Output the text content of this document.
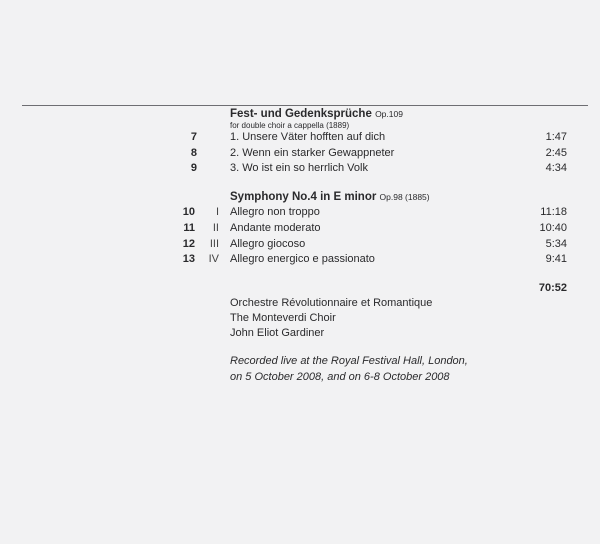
Fest- und Gedenksprüche Op.109
for double choir a cappella (1889)
7	1. Unsere Väter hofften auf dich	1:47
8	2. Wenn ein starker Gewappneter	2:45
9	3. Wo ist ein so herrlich Volk	4:34
Symphony No.4 in E minor Op.98 (1885)
10	I Allegro non troppo	11:18
11	II Andante moderato	10:40
12	III Allegro giocoso	5:34
13	IV Allegro energico e passionato	9:41
70:52
Orchestre Révolutionnaire et Romantique
The Monteverdi Choir
John Eliot Gardiner
Recorded live at the Royal Festival Hall, London,
on 5 October 2008, and on 6-8 October 2008
